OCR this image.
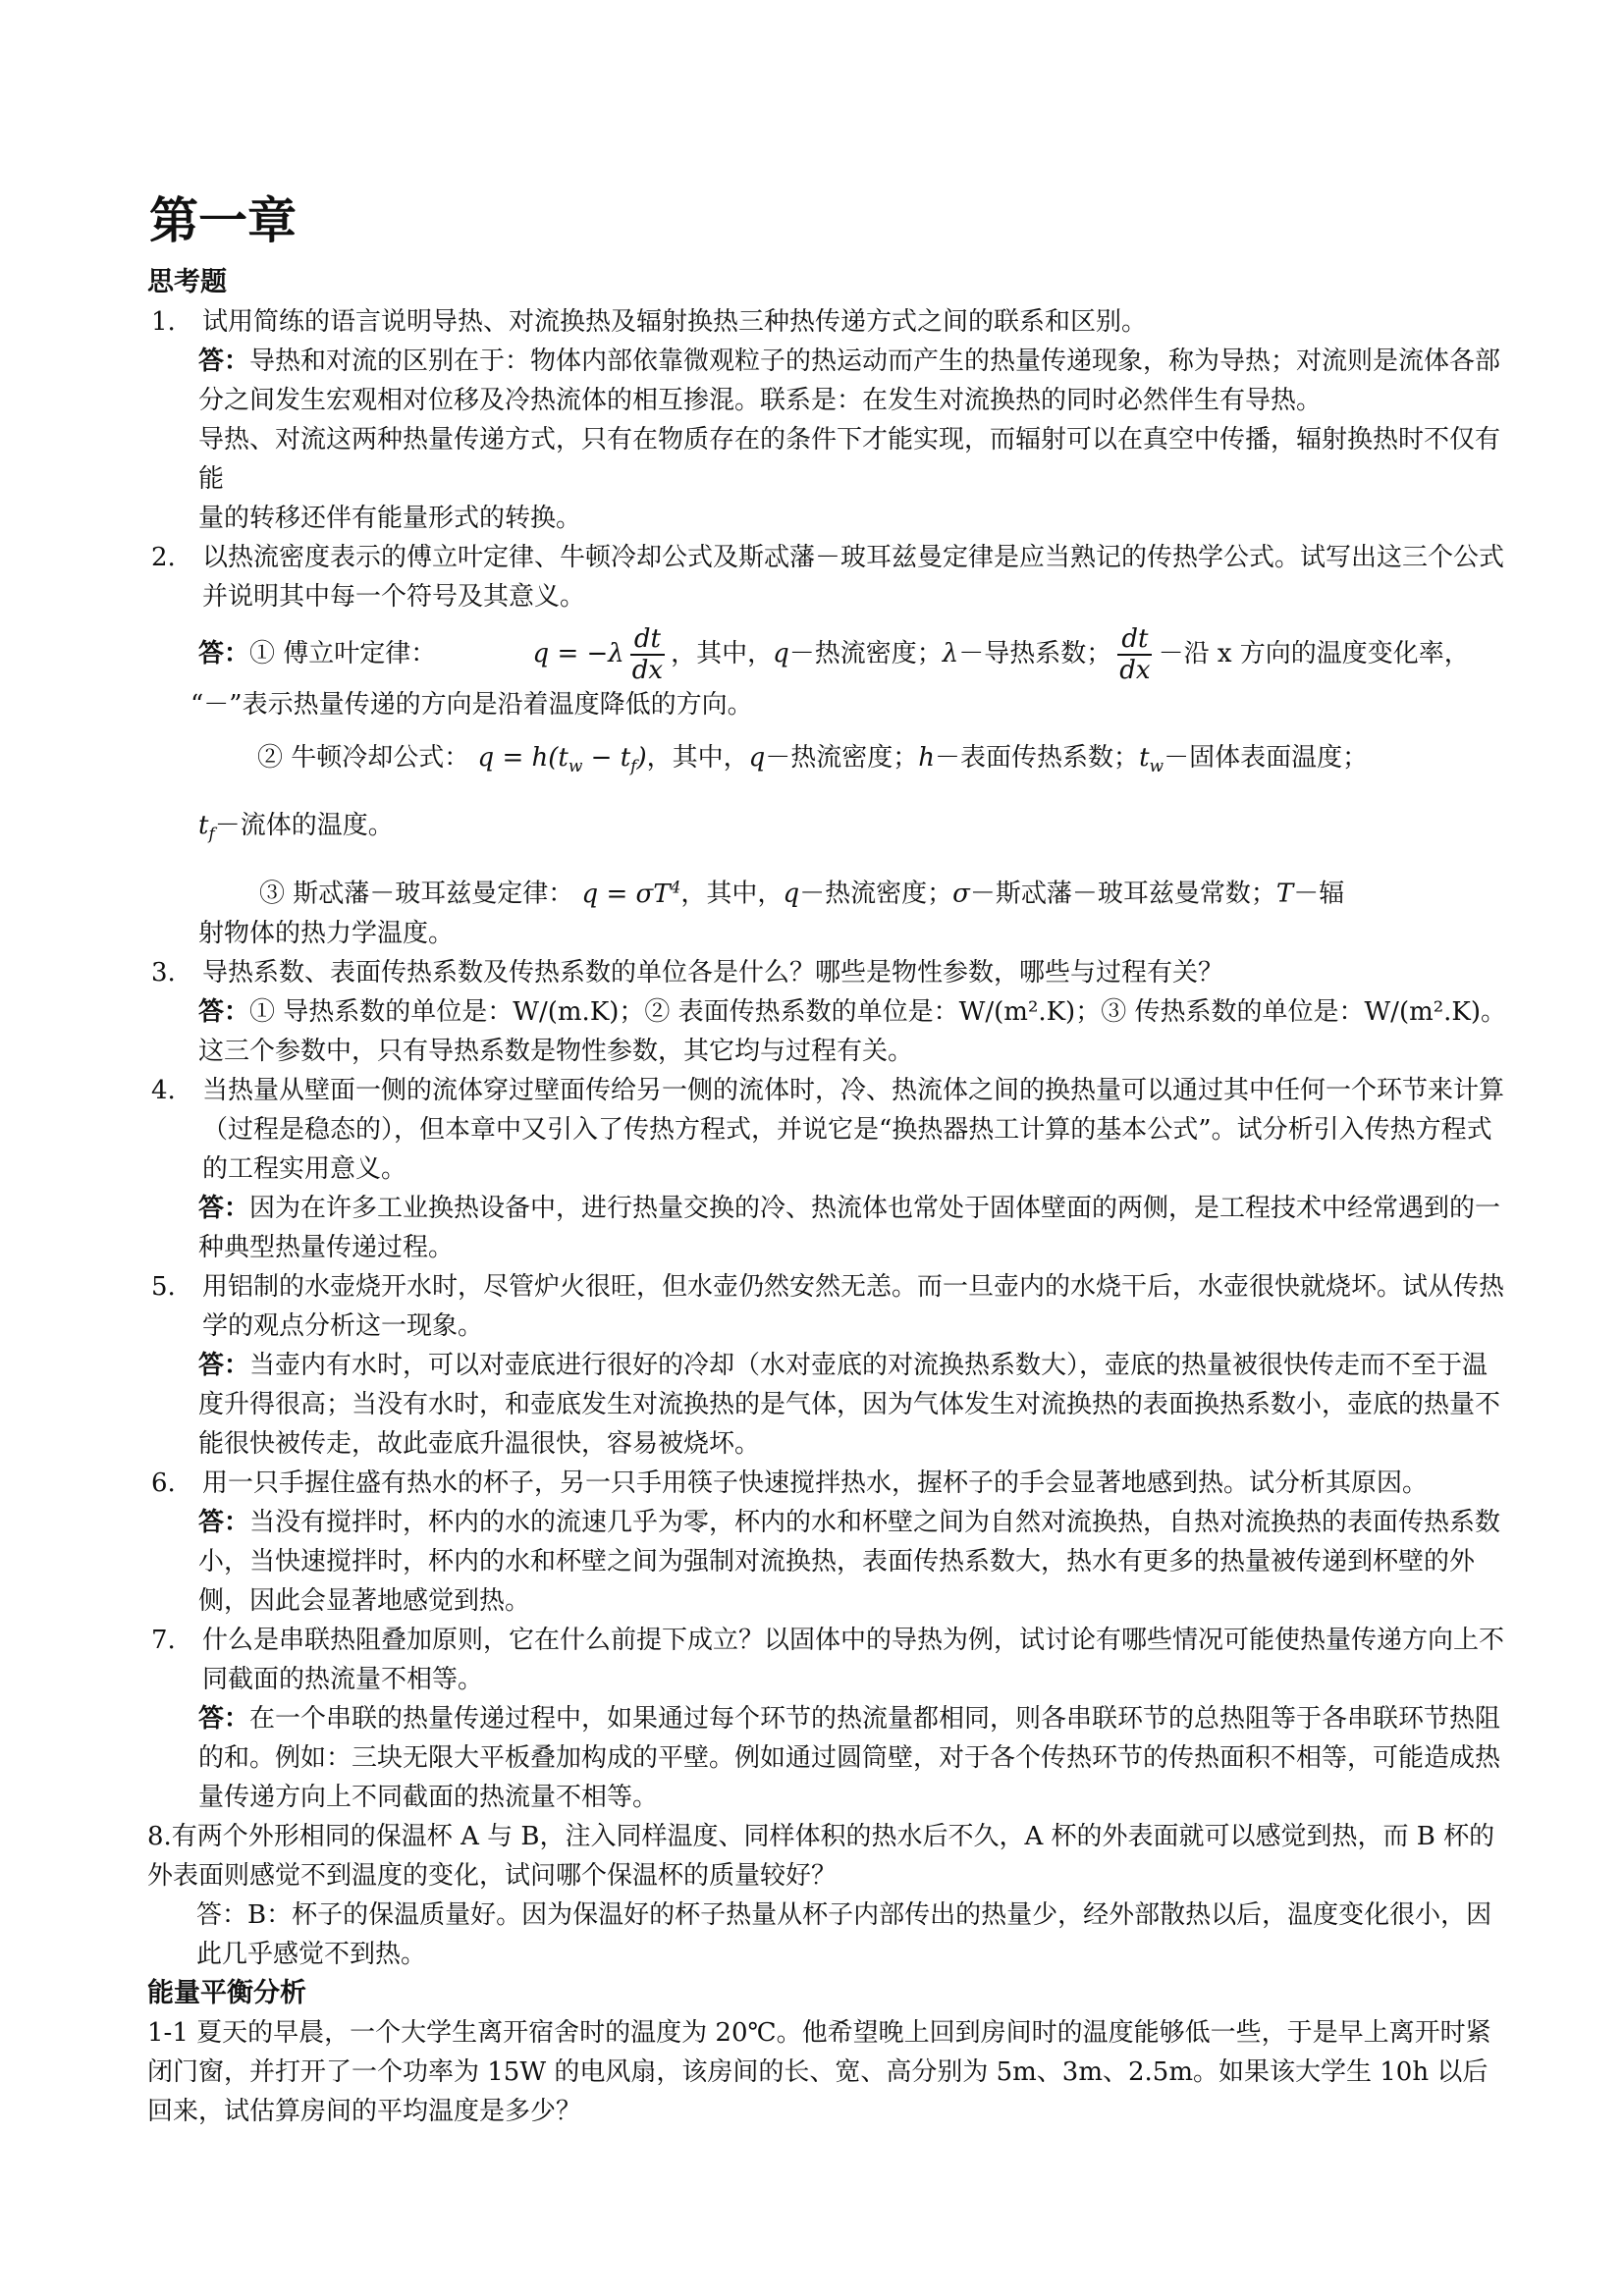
第一章
思考题
1.	试用简练的语言说明导热、对流换热及辐射换热三种热传递方式之间的联系和区别。

答：导热和对流的区别在于：物体内部依靠微观粒子的热运动而产生的热量传递现象，称为导热；对流则是流体各部分之间发生宏观相对位移及冷热流体的相互掺混。联系是：在发生对流换热的同时必然伴生有导热。

导热、对流这两种热量传递方式，只有在物质存在的条件下才能实现，而辐射可以在真空中传播，辐射换热时不仅有能

量的转移还伴有能量形式的转换。

2.	以热流密度表示的傅立叶定律、牛顿冷却公式及斯忒藩－玻耳兹曼定律是应当熟记的传热学公式。试写出这三个公式并说明其中每一个符号及其意义。

答：① 傅立叶定律：	$q = -\lambda \frac{dt}{dx}$ ，其中，q－热流密度；λ－导热系数； $\frac{dt}{dx}$ －沿 x 方向的温度变化率，

“－”表示热量传递的方向是沿着温度降低的方向。

② 牛顿冷却公式： $q = h(t_w - t_f)$，其中，q－热流密度；h－表面传热系数；$t_w-$固体表面温度；

$t_f-$流体的温度。

③ 斯忒藩－玻耳兹曼定律： $q = \sigma T^4$，其中，q－热流密度；σ－斯忒藩－玻耳兹曼常数；T－辐

射物体的热力学温度。

3.	导热系数、表面传热系数及传热系数的单位各是什么？哪些是物性参数，哪些与过程有关？

答：① 导热系数的单位是：W/(m.K)；② 表面传热系数的单位是：W/(m².K)；③ 传热系数的单位是：W/(m².K)。这三个参数中，只有导热系数是物性参数，其它均与过程有关。

4.	当热量从壁面一侧的流体穿过壁面传给另一侧的流体时，冷、热流体之间的换热量可以通过其中任何一个环节来计算（过程是稳态的），但本章中又引入了传热方程式，并说它是“换热器热工计算的基本公式”。试分析引入传热方程式的工程实用意义。

答：因为在许多工业换热设备中，进行热量交换的冷、热流体也常处于固体壁面的两侧，是工程技术中经常遇到的一种典型热量传递过程。

5.	用铝制的水壶烧开水时，尽管炉火很旺，但水壶仍然安然无恙。而一旦壶内的水烧干后，水壶很快就烧坏。试从传热学的观点分析这一现象。

答：当壶内有水时，可以对壶底进行很好的冷却（水对壶底的对流换热系数大），壶底的热量被很快传走而不至于温度升得很高；当没有水时，和壶底发生对流换热的是气体，因为气体发生对流换热的表面换热系数小，壶底的热量不能很快被传走，故此壶底升温很快，容易被烧坏。

6.	用一只手握住盛有热水的杯子，另一只手用筷子快速搅拌热水，握杯子的手会显著地感到热。试分析其原因。

答：当没有搅拌时，杯内的水的流速几乎为零，杯内的水和杯壁之间为自然对流换热，自热对流换热的表面传热系数小，当快速搅拌时，杯内的水和杯壁之间为强制对流换热，表面传热系数大，热水有更多的热量被传递到杯壁的外侧，因此会显著地感觉到热。

7.	什么是串联热阻叠加原则，它在什么前提下成立？以固体中的导热为例，试讨论有哪些情况可能使热量传递方向上不同截面的热流量不相等。

答：在一个串联的热量传递过程中，如果通过每个环节的热流量都相同，则各串联环节的总热阻等于各串联环节热阻的和。例如：三块无限大平板叠加构成的平壁。例如通过圆筒壁，对于各个传热环节的传热面积不相等，可能造成热量传递方向上不同截面的热流量不相等。

8.有两个外形相同的保温杯 A 与 B，注入同样温度、同样体积的热水后不久，A 杯的外表面就可以感觉到热，而 B 杯的外表面则感觉不到温度的变化，试问哪个保温杯的质量较好？
答：B：杯子的保温质量好。因为保温好的杯子热量从杯子内部传出的热量少，经外部散热以后，温度变化很小，因此几乎感觉不到热。
能量平衡分析
1-1 夏天的早晨，一个大学生离开宿舍时的温度为 20℃。他希望晚上回到房间时的温度能够低一些，于是早上离开时紧闭门窗，并打开了一个功率为 15W 的电风扇，该房间的长、宽、高分别为 5m、3m、2.5m。如果该大学生 10h 以后回来，试估算房间的平均温度是多少？
